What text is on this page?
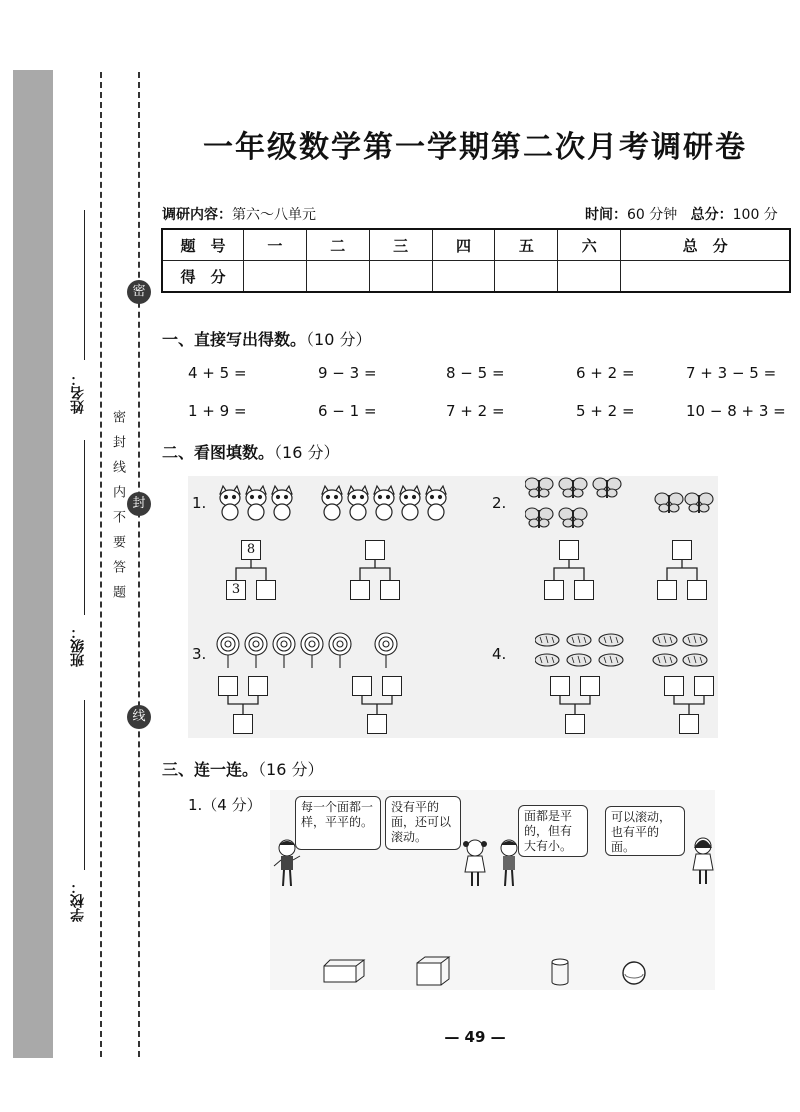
姓名：
班级：
学校：
密封线内不要答题
密
封
线
一年级数学第一学期第二次月考调研卷
调研内容：第六～八单元	时间：60 分钟 总分：100 分
题　号	一	二	三	四	五	六	总　分
得　分							
一、直接写出得数。（10 分）
4 + 5 =	9 − 3 =	8 − 5 =	6 + 2 =	7 + 3 − 5 =
1 + 9 =	6 − 1 =	7 + 2 =	5 + 2 =	10 − 8 + 3 =
二、看图填数。（16 分）
1.
8
3
2.
3.	4.
三、连一连。（16 分）
1.（4 分）	每一个面都一样，平平的。
没有平的面，还可以滚动。
面都是平的，但有大有小。
可以滚动，也有平的面。
— 49 —
